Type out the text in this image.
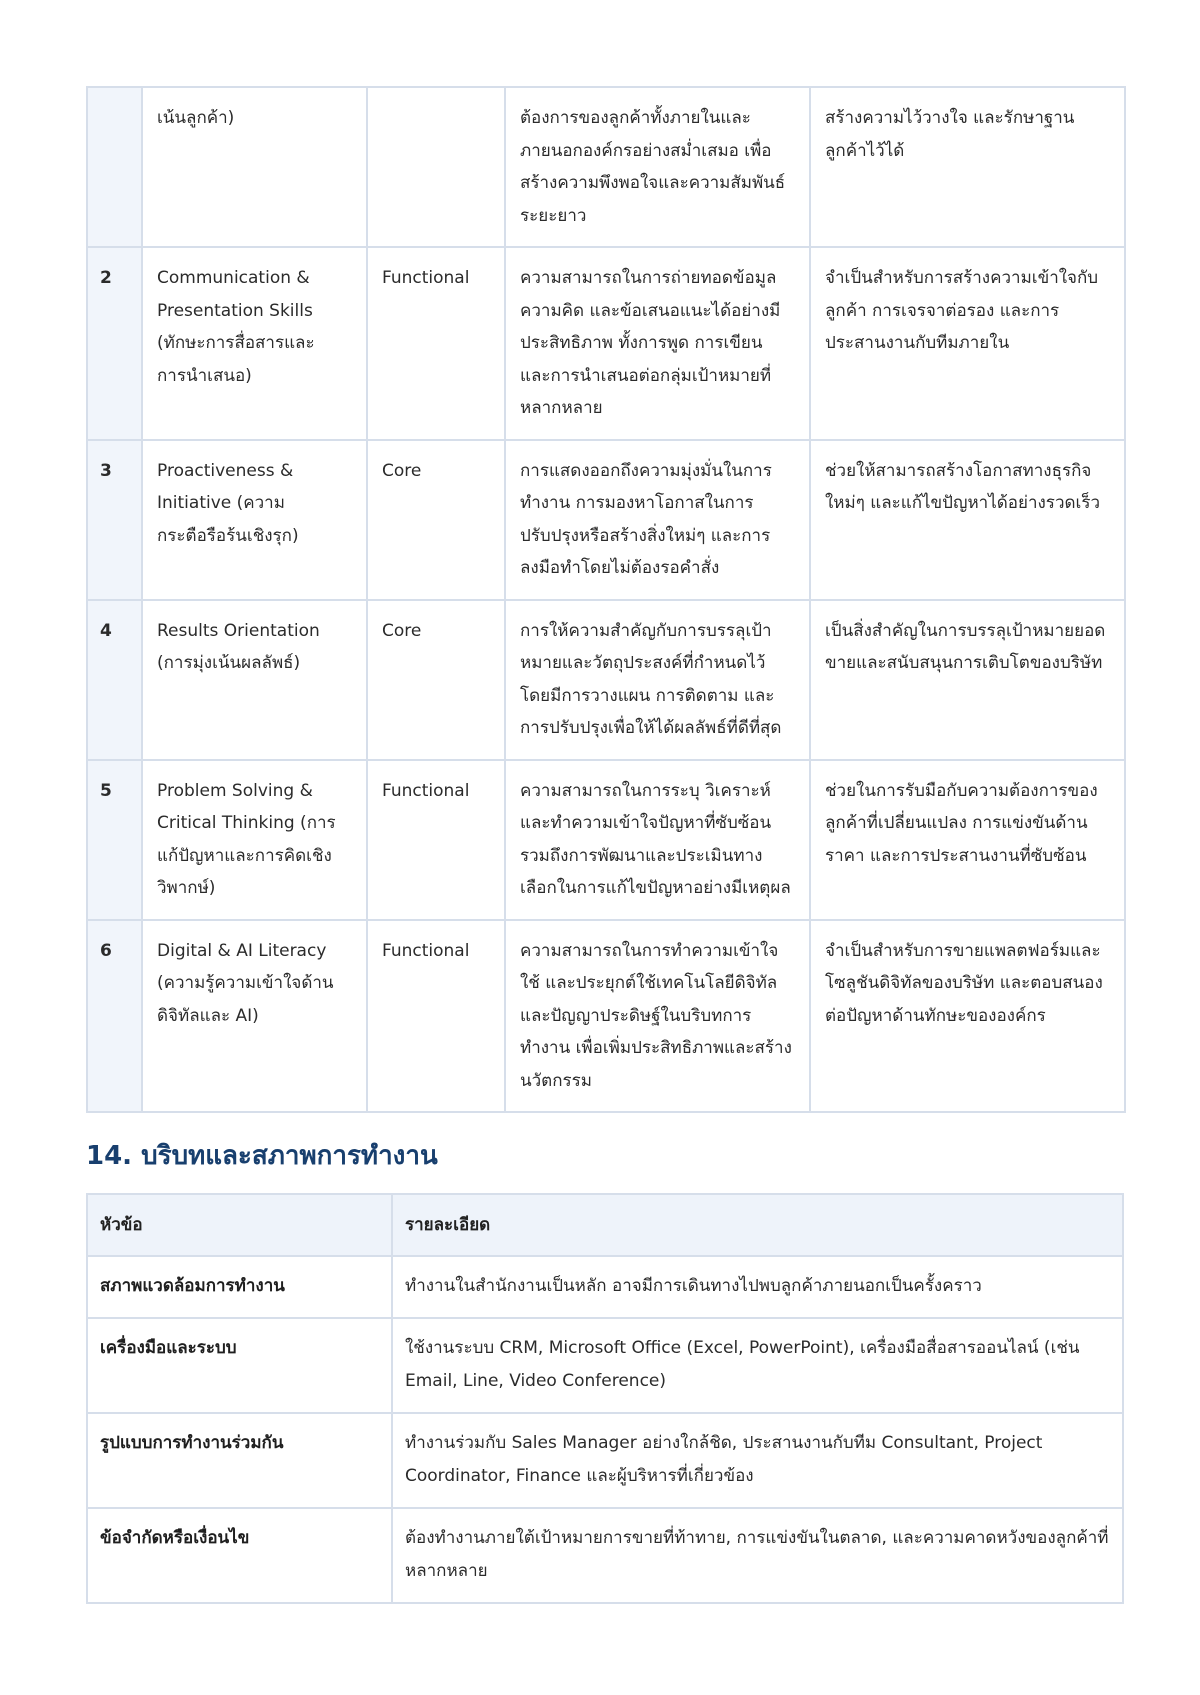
	เน้นลูกค้า)		ต้องการของลูกค้าทั้งภายในและภายนอกองค์กรอย่างสม่ำเสมอ เพื่อสร้างความพึงพอใจและความสัมพันธ์ระยะยาว	สร้างความไว้วางใจ และรักษาฐานลูกค้าไว้ได้
2	Communication & Presentation Skills (ทักษะการสื่อสารและการนำเสนอ)	Functional	ความสามารถในการถ่ายทอดข้อมูล ความคิด และข้อเสนอแนะได้อย่างมีประสิทธิภาพ ทั้งการพูด การเขียน และการนำเสนอต่อกลุ่มเป้าหมายที่หลากหลาย	จำเป็นสำหรับการสร้างความเข้าใจกับลูกค้า การเจรจาต่อรอง และการประสานงานกับทีมภายใน
3	Proactiveness & Initiative (ความกระตือรือร้นเชิงรุก)	Core	การแสดงออกถึงความมุ่งมั่นในการทำงาน การมองหาโอกาสในการปรับปรุงหรือสร้างสิ่งใหม่ๆ และการลงมือทำโดยไม่ต้องรอคำสั่ง	ช่วยให้สามารถสร้างโอกาสทางธุรกิจใหม่ๆ และแก้ไขปัญหาได้อย่างรวดเร็ว
4	Results Orientation (การมุ่งเน้นผลลัพธ์)	Core	การให้ความสำคัญกับการบรรลุเป้าหมายและวัตถุประสงค์ที่กำหนดไว้ โดยมีการวางแผน การติดตาม และการปรับปรุงเพื่อให้ได้ผลลัพธ์ที่ดีที่สุด	เป็นสิ่งสำคัญในการบรรลุเป้าหมายยอดขายและสนับสนุนการเติบโตของบริษัท
5	Problem Solving & Critical Thinking (การแก้ปัญหาและการคิดเชิงวิพากษ์)	Functional	ความสามารถในการระบุ วิเคราะห์ และทำความเข้าใจปัญหาที่ซับซ้อน รวมถึงการพัฒนาและประเมินทางเลือกในการแก้ไขปัญหาอย่างมีเหตุผล	ช่วยในการรับมือกับความต้องการของลูกค้าที่เปลี่ยนแปลง การแข่งขันด้านราคา และการประสานงานที่ซับซ้อน
6	Digital & AI Literacy (ความรู้ความเข้าใจด้านดิจิทัลและ AI)	Functional	ความสามารถในการทำความเข้าใจ ใช้ และประยุกต์ใช้เทคโนโลยีดิจิทัลและปัญญาประดิษฐ์ในบริบทการทำงาน เพื่อเพิ่มประสิทธิภาพและสร้างนวัตกรรม	จำเป็นสำหรับการขายแพลตฟอร์มและโซลูชันดิจิทัลของบริษัท และตอบสนองต่อปัญหาด้านทักษะขององค์กร
14. บริบทและสภาพการทำงาน
หัวข้อ	รายละเอียด
สภาพแวดล้อมการทำงาน	ทำงานในสำนักงานเป็นหลัก อาจมีการเดินทางไปพบลูกค้าภายนอกเป็นครั้งคราว
เครื่องมือและระบบ	ใช้งานระบบ CRM, Microsoft Office (Excel, PowerPoint), เครื่องมือสื่อสารออนไลน์ (เช่น Email, Line, Video Conference)
รูปแบบการทำงานร่วมกัน	ทำงานร่วมกับ Sales Manager อย่างใกล้ชิด, ประสานงานกับทีม Consultant, Project Coordinator, Finance และผู้บริหารที่เกี่ยวข้อง
ข้อจำกัดหรือเงื่อนไข	ต้องทำงานภายใต้เป้าหมายการขายที่ท้าทาย, การแข่งขันในตลาด, และความคาดหวังของลูกค้าที่หลากหลาย
